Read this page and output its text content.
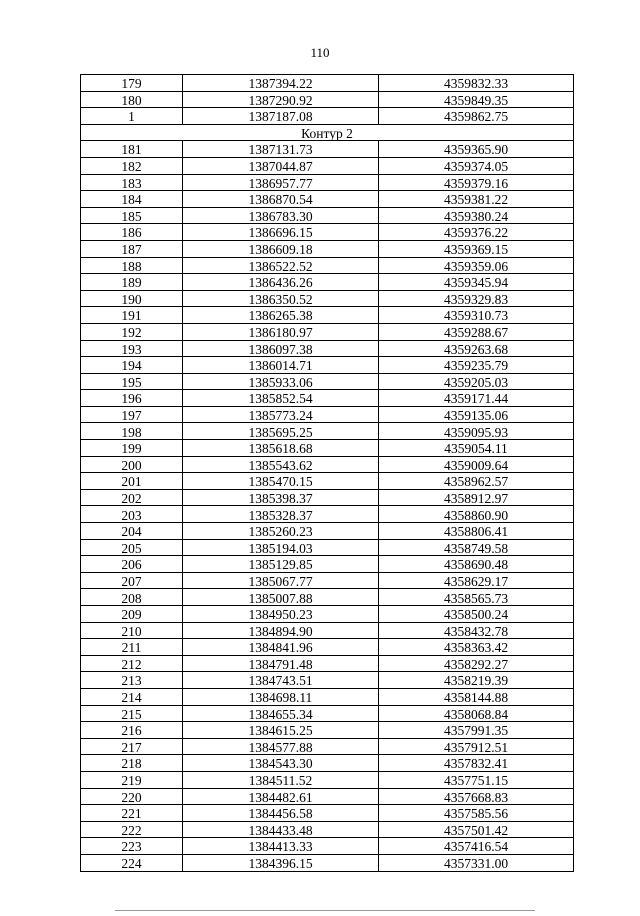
110
179	1387394.22	4359832.33
180	1387290.92	4359849.35
1	1387187.08	4359862.75
Контур 2		
181	1387131.73	4359365.90
182	1387044.87	4359374.05
183	1386957.77	4359379.16
184	1386870.54	4359381.22
185	1386783.30	4359380.24
186	1386696.15	4359376.22
187	1386609.18	4359369.15
188	1386522.52	4359359.06
189	1386436.26	4359345.94
190	1386350.52	4359329.83
191	1386265.38	4359310.73
192	1386180.97	4359288.67
193	1386097.38	4359263.68
194	1386014.71	4359235.79
195	1385933.06	4359205.03
196	1385852.54	4359171.44
197	1385773.24	4359135.06
198	1385695.25	4359095.93
199	1385618.68	4359054.11
200	1385543.62	4359009.64
201	1385470.15	4358962.57
202	1385398.37	4358912.97
203	1385328.37	4358860.90
204	1385260.23	4358806.41
205	1385194.03	4358749.58
206	1385129.85	4358690.48
207	1385067.77	4358629.17
208	1385007.88	4358565.73
209	1384950.23	4358500.24
210	1384894.90	4358432.78
211	1384841.96	4358363.42
212	1384791.48	4358292.27
213	1384743.51	4358219.39
214	1384698.11	4358144.88
215	1384655.34	4358068.84
216	1384615.25	4357991.35
217	1384577.88	4357912.51
218	1384543.30	4357832.41
219	1384511.52	4357751.15
220	1384482.61	4357668.83
221	1384456.58	4357585.56
222	1384433.48	4357501.42
223	1384413.33	4357416.54
224	1384396.15	4357331.00
